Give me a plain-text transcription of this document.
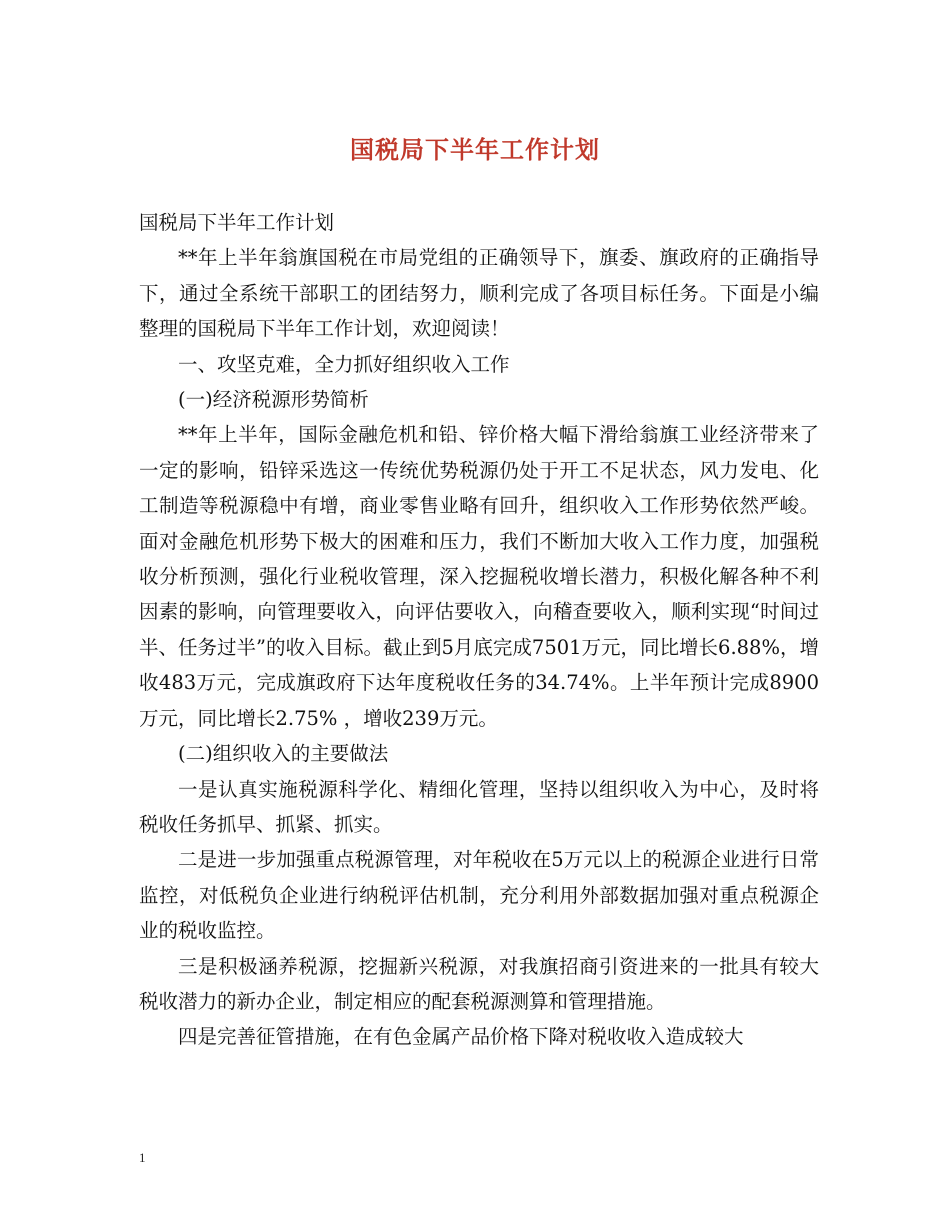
国税局下半年工作计划

国税局下半年工作计划

**年上半年翁旗国税在市局党组的正确领导下，旗委、旗政府的正确指导下，通过全系统干部职工的团结努力，顺利完成了各项目标任务。下面是小编整理的国税局下半年工作计划，欢迎阅读！

一、攻坚克难，全力抓好组织收入工作

(一)经济税源形势简析

**年上半年，国际金融危机和铅、锌价格大幅下滑给翁旗工业经济带来了一定的影响，铅锌采选这一传统优势税源仍处于开工不足状态，风力发电、化工制造等税源稳中有增，商业零售业略有回升，组织收入工作形势依然严峻。面对金融危机形势下极大的困难和压力，我们不断加大收入工作力度，加强税收分析预测，强化行业税收管理，深入挖掘税收增长潜力，积极化解各种不利因素的影响，向管理要收入，向评估要收入，向稽查要收入，顺利实现“时间过半、任务过半”的收入目标。截止到5月底完成7501万元，同比增长6.88%，增收483万元，完成旗政府下达年度税收任务的34.74%。上半年预计完成8900万元，同比增长2.75% ，增收239万元。

(二)组织收入的主要做法

一是认真实施税源科学化、精细化管理，坚持以组织收入为中心，及时将税收任务抓早、抓紧、抓实。

二是进一步加强重点税源管理，对年税收在5万元以上的税源企业进行日常监控，对低税负企业进行纳税评估机制，充分利用外部数据加强对重点税源企业的税收监控。

三是积极涵养税源，挖掘新兴税源，对我旗招商引资进来的一批具有较大税收潜力的新办企业，制定相应的配套税源测算和管理措施。

四是完善征管措施，在有色金属产品价格下降对税收收入造成较大

1
